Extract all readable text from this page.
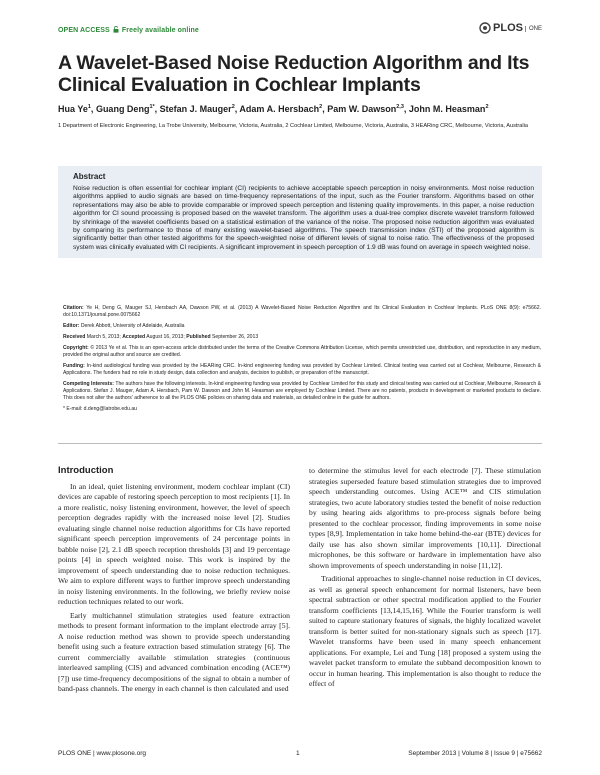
OPEN ACCESS Freely available online	PLOS ONE
A Wavelet-Based Noise Reduction Algorithm and Its Clinical Evaluation in Cochlear Implants
Hua Ye$^1$, Guang Deng$^{1*}$, Stefan J. Mauger$^2$, Adam A. Hersbach$^2$, Pam W. Dawson$^{2,3}$, John M. Heasman$^2$
1 Department of Electronic Engineering, La Trobe University, Melbourne, Victoria, Australia, 2 Cochlear Limited, Melbourne, Victoria, Australia, 3 HEARing CRC, Melbourne, Victoria, Australia
Abstract

Noise reduction is often essential for cochlear implant (CI) recipients to achieve acceptable speech perception in noisy environments. Most noise reduction algorithms applied to audio signals are based on time-frequency representations of the input, such as the Fourier transform. Algorithms based on other representations may also be able to provide comparable or improved speech perception and listening quality improvements. In this paper, a noise reduction algorithm for CI sound processing is proposed based on the wavelet transform. The algorithm uses a dual-tree complex discrete wavelet transform followed by shrinkage of the wavelet coefficients based on a statistical estimation of the variance of the noise. The proposed noise reduction algorithm was evaluated by comparing its performance to those of many existing wavelet-based algorithms. The speech transmission index (STI) of the proposed algorithm is significantly better than other tested algorithms for the speech-weighted noise of different levels of signal to noise ratio. The effectiveness of the proposed system was clinically evaluated with CI recipients. A significant improvement in speech perception of 1.9 dB was found on average in speech weighted noise.

Citation: Ye H, Deng G, Mauger SJ, Hersbach AA, Dawson PW, et al. (2013) A Wavelet-Based Noise Reduction Algorithm and Its Clinical Evaluation in Cochlear Implants. PLoS ONE 8(9): e75662. doi:10.1371/journal.pone.0075662

Editor: Derek Abbott, University of Adelaide, Australia

Received March 5, 2013; Accepted August 16, 2013; Published September 26, 2013

Copyright: © 2013 Ye et al. This is an open-access article distributed under the terms of the Creative Commons Attribution License, which permits unrestricted use, distribution, and reproduction in any medium, provided the original author and source are credited.

Funding: In-kind audiological funding was provided by the HEARing CRC. In-kind engineering funding was provided by Cochlear Limited. Clinical testing was carried out at Cochlear, Melbourne, Research & Applications. The funders had no role in study design, data collection and analysis, decision to publish, or preparation of the manuscript.

Competing Interests: The authors have the following interests. In-kind engineering funding was provided by Cochlear Limited for this study and clinical testing was carried out at Cochlear, Melbourne, Research & Applications. Stefan J. Mauger, Adam A. Hersbach, Pam W. Dawson and John M. Heasman are employed by Cochlear Limited. There are no patents, products in development or marketed products to declare. This does not alter the authors' adherence to all the PLOS ONE policies on sharing data and materials, as detailed online in the guide for authors.

* E-mail: d.deng@latrobe.edu.au

Introduction

In an ideal, quiet listening environment, modern cochlear implant (CI) devices are capable of restoring speech perception to most recipients [1]. In a more realistic, noisy listening environment, however, the level of speech perception degrades rapidly with the increased noise level [2]. Studies evaluating single channel noise reduction algorithms for CIs have reported significant speech perception improvements of 24 percentage points in babble noise [2], 2.1 dB speech reception thresholds [3] and 19 percentage points [4] in speech weighted noise. This work is inspired by the improvement of speech understanding due to noise reduction techniques. We aim to explore different ways to further improve speech understanding in noisy listening environments. In the following, we briefly review noise reduction techniques related to our work.

Early multichannel stimulation strategies used feature extraction methods to present formant information to the implant electrode array [5]. A noise reduction method was shown to provide speech understanding benefit using such a feature extraction based stimulation strategy [6]. The current commercially available stimulation strategies (continuous interleaved sampling (CIS) and advanced combination encoding (ACE™) [7]) use time-frequency decompositions of the signal to obtain a number of band-pass channels. The energy in each channel is then calculated and used

to determine the stimulus level for each electrode [7]. These stimulation strategies superseded feature based stimulation strategies due to improved speech understanding outcomes. Using ACE™ and CIS stimulation strategies, two acute laboratory studies tested the benefit of noise reduction by using hearing aids algorithms to pre-process signals before being presented to the cochlear processor, finding improvements in some noise types [8,9]. Implementation in take home behind-the-ear (BTE) devices for daily use has also shown similar improvements [10,11]. Directional microphones, be this software or hardware in implementation have also shown improvements of speech understanding in noise [11,12].

Traditional approaches to single-channel noise reduction in CI devices, as well as general speech enhancement for normal listeners, have been spectral subtraction or other spectral modification applied to the Fourier transform coefficients [13,14,15,16]. While the Fourier transform is well suited to capture stationary features of signals, the highly localized wavelet transform is better suited for non-stationary signals such as speech [17]. Wavelet transforms have been used in many speech enhancement applications. For example, Lei and Tung [18] proposed a system using the wavelet packet transform to emulate the subband decomposition known to occur in human hearing. This implementation is also thought to reduce the effect of

PLOS ONE | www.plosone.org	1	September 2013 | Volume 8 | Issue 9 | e75662
